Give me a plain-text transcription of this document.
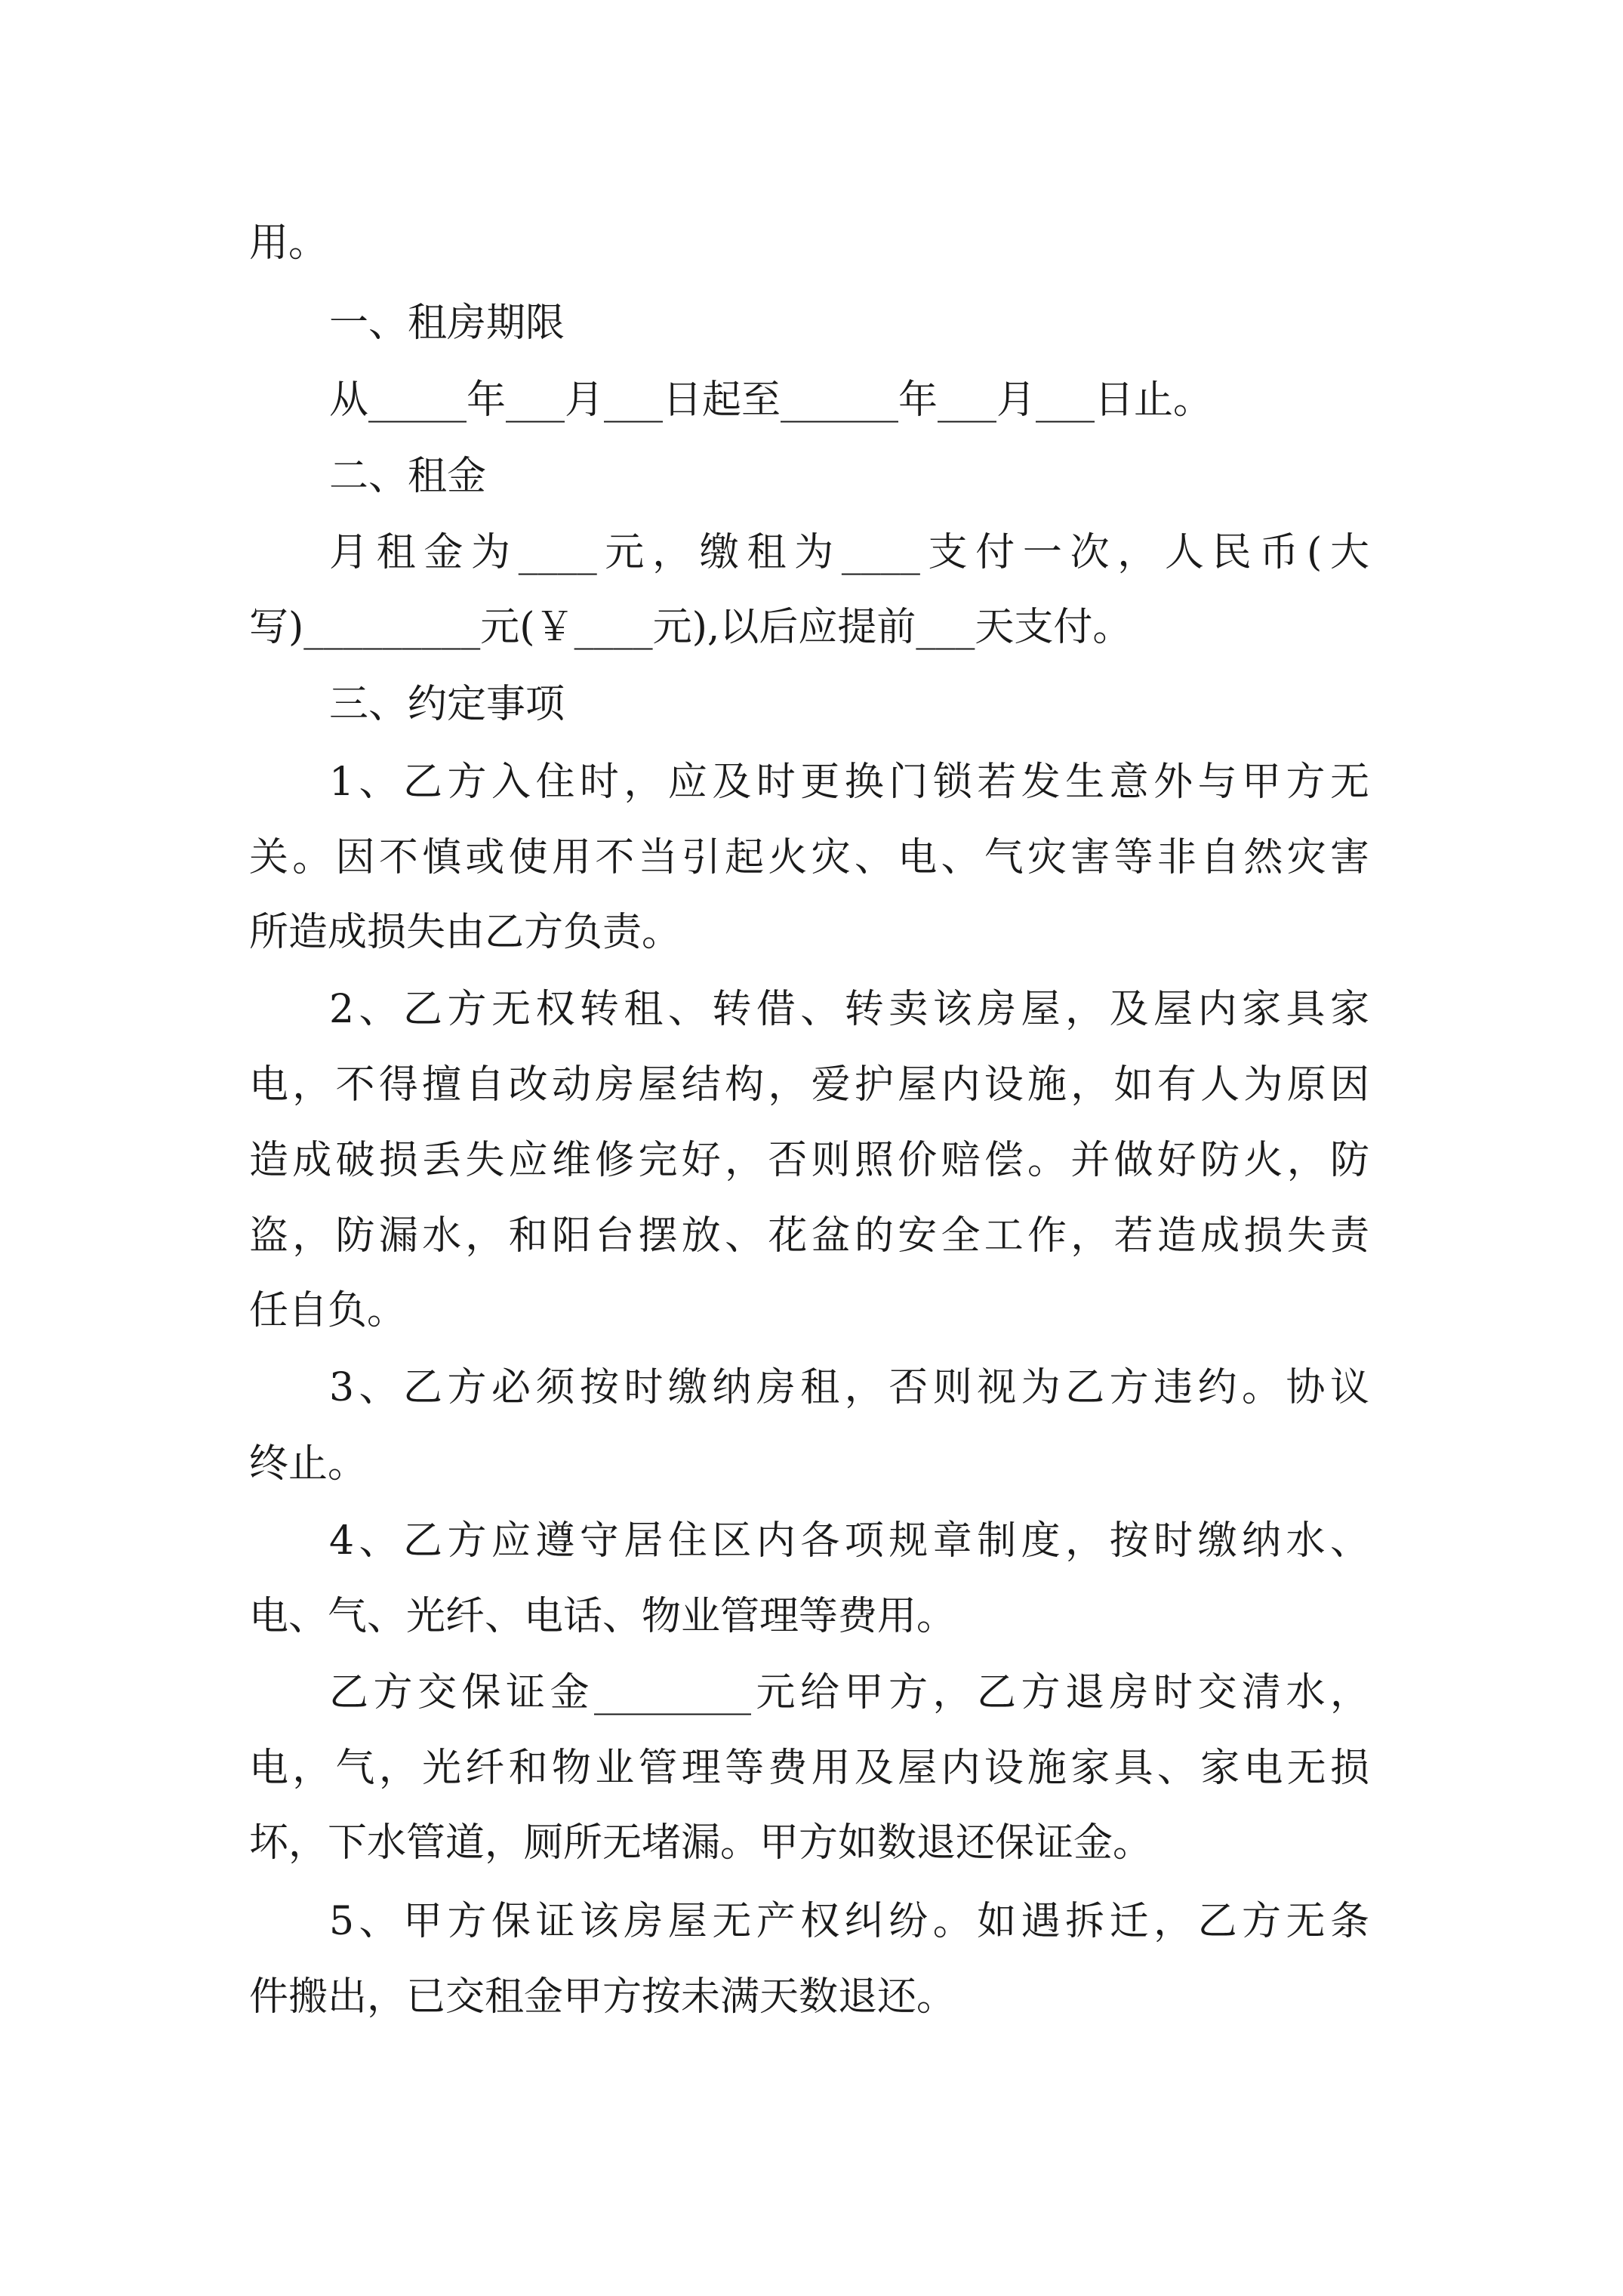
用。

一、租房期限

从_____年___月___日起至______年___月___日止。

二、租金

月租金为____元，缴租为____支付一次，人民币(大

写)_________元(￥____元),以后应提前___天支付。

三、约定事项

1、乙方入住时，应及时更换门锁若发生意外与甲方无

关。因不慎或使用不当引起火灾、电、气灾害等非自然灾害

所造成损失由乙方负责。

2、乙方无权转租、转借、转卖该房屋，及屋内家具家

电，不得擅自改动房屋结构，爱护屋内设施，如有人为原因

造成破损丢失应维修完好，否则照价赔偿。并做好防火，防

盗，防漏水，和阳台摆放、花盆的安全工作，若造成损失责

任自负。

3、乙方必须按时缴纳房租，否则视为乙方违约。协议

终止。

4、乙方应遵守居住区内各项规章制度，按时缴纳水、

电、气、光纤、电话、物业管理等费用。

乙方交保证金________元给甲方，乙方退房时交清水，

电，气，光纤和物业管理等费用及屋内设施家具、家电无损

坏，下水管道，厕所无堵漏。甲方如数退还保证金。

5、甲方保证该房屋无产权纠纷。如遇拆迁，乙方无条

件搬出，已交租金甲方按未满天数退还。
